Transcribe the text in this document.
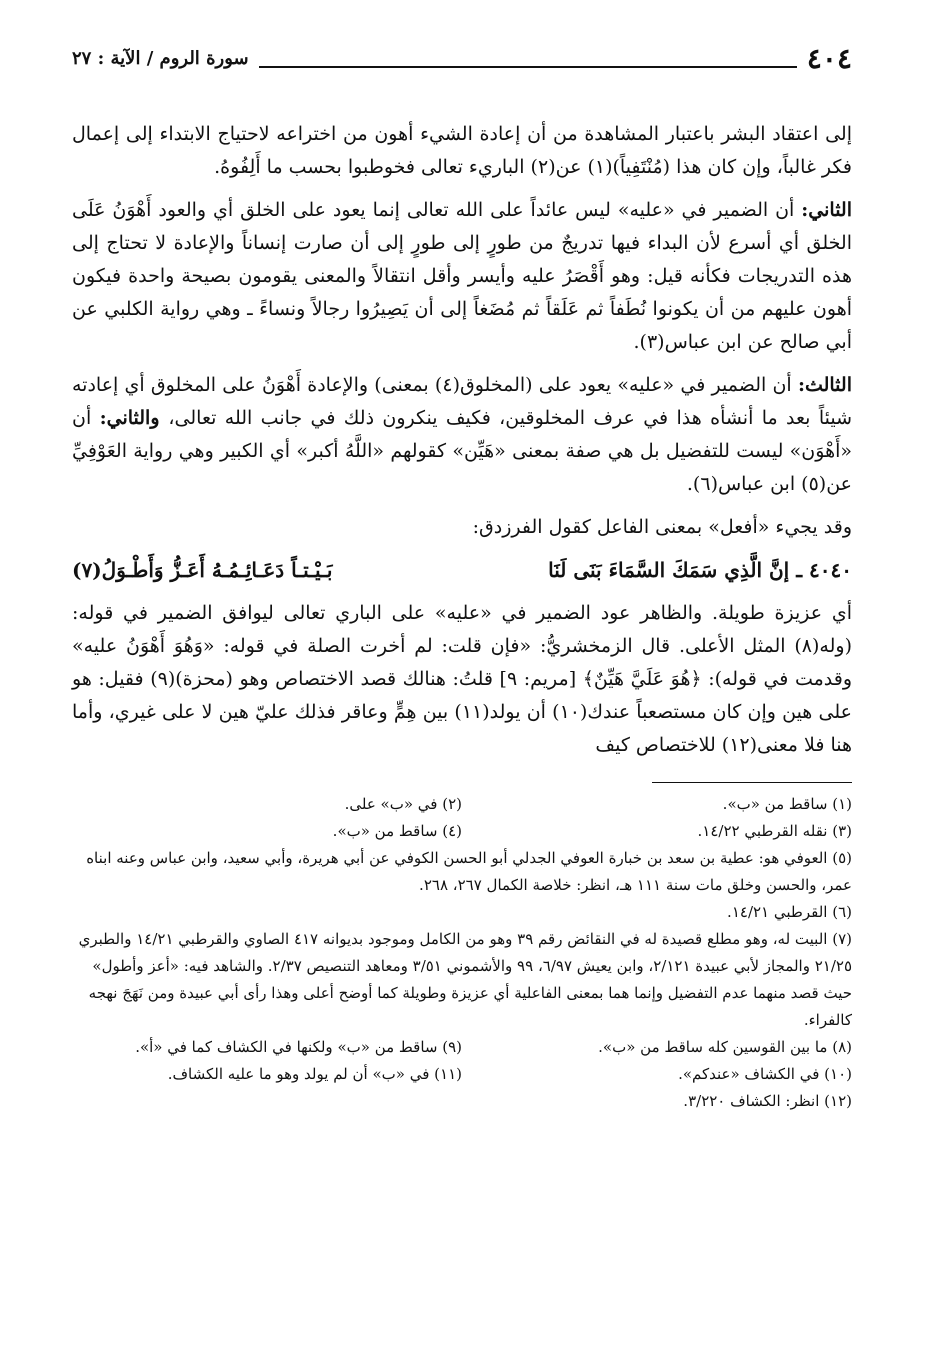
٤٠٤
سورة الروم / الآية : ٢٧

إلى اعتقاد البشر باعتبار المشاهدة من أن إعادة الشيء أهون من اختراعه لاحتياج الابتداء إلى إعمال فكر غالباً، وإن كان هذا (مُنْتَفِياً)(١) عن(٢) الباريء تعالى فخوطبوا بحسب ما أَلِفُوهُ.

الثاني: أن الضمير في «عليه» ليس عائداً على الله تعالى إنما يعود على الخلق أي والعود أَهْوَنُ عَلَى الخلق أي أسرع لأن البداء فيها تدريجٌ من طورٍ إلى طورٍ إلى أن صارت إنساناً والإعادة لا تحتاج إلى هذه التدريجات فكأنه قيل: وهو أَقْصَرُ عليه وأيسر وأقل انتقالاً والمعنى يقومون بصيحة واحدة فيكون أهون عليهم من أن يكونوا نُطَفاً ثم عَلَقاً ثم مُضَغاً إلى أن يَصِيرُوا رجالاً ونساءً ـ وهي رواية الكلبي عن أبي صالح عن ابن عباس(٣).

الثالث: أن الضمير في «عليه» يعود على (المخلوق(٤) بمعنى) والإعادة أَهْوَنُ على المخلوق أي إعادته شيئاً بعد ما أنشأه هذا في عرف المخلوقين، فكيف ينكرون ذلك في جانب الله تعالى، والثاني: أن «أَهْوَن» ليست للتفضيل بل هي صفة بمعنى «هَيِّن» كقولهم «اللَّهُ أكبر» أي الكبير وهي رواية العَوْفِيِّ عن(٥) ابن عباس(٦).

وقد يجيء «أفعل» بمعنى الفاعل كقول الفرزدق:

٤٠٤٠ ـ إنَّ الَّذِي سَمَكَ السَّمَاءَ بَنَى لَنَا
بَـيْـتـاً دَعَـائِـمُـهُ أَعَـزُّ وَأَطْـوَلُ(٧)

أي عزيزة طويلة. والظاهر عود الضمير في «عليه» على الباري تعالى ليوافق الضمير في قوله: (وله(٨) المثل الأعلى. قال الزمخشريُّ: «فإن قلت: لم أخرت الصلة في قوله: «وَهُوَ أَهْوَنُ عليه» وقدمت في قوله): ﴿هُوَ عَلَيَّ هَيِّنٌ﴾ [مريم: ٩] قلتُ: هنالك قصد الاختصاص وهو (محزة)(٩) فقيل: هو على هين وإن كان مستصعباً عندك(١٠) أن يولد(١١) بين هِمٍّ وعاقر فذلك عليّ هين لا على غيري، وأما هنا فلا معنى(١٢) للاختصاص كيف

(١) ساقط من «ب».
(٢) في «ب» على.
(٣) نقله القرطبي ١٤/٢٢.
(٤) ساقط من «ب».

(٥) العوفي هو: عطية بن سعد بن خبارة العوفي الجدلي أبو الحسن الكوفي عن أبي هريرة، وأبي سعيد، وابن عباس وعنه ابناه عمر، والحسن وخلق مات سنة ١١١ هـ، انظر: خلاصة الكمال ٢٦٧، ٢٦٨.

(٦) القرطبي ١٤/٢١.

(٧) البيت له، وهو مطلع قصيدة له في النقائض رقم ٣٩ وهو من الكامل وموجود بديوانه ٤١٧ الصاوي والقرطبي ١٤/٢١ والطبري ٢١/٢٥ والمجاز لأبي عبيدة ٢/١٢١، وابن يعيش ٦/٩٧، ٩٩ والأشموني ٣/٥١ ومعاهد التنصيص ٢/٣٧. والشاهد فيه: «أعز وأطول» حيث قصد منهما عدم التفضيل وإنما هما بمعنى الفاعلية أي عزيزة وطويلة كما أوضح أعلى وهذا رأى أبي عبيدة ومن نَهَجَ نهجه كالفراء.

(٨) ما بين القوسين كله ساقط من «ب».
(٩) ساقط من «ب» ولكنها في الكشاف كما في «أ».
(١٠) في الكشاف «عندكم».
(١١) في «ب» أن لم يولد وهو ما عليه الكشاف.

(١٢) انظر: الكشاف ٣/٢٢٠.
